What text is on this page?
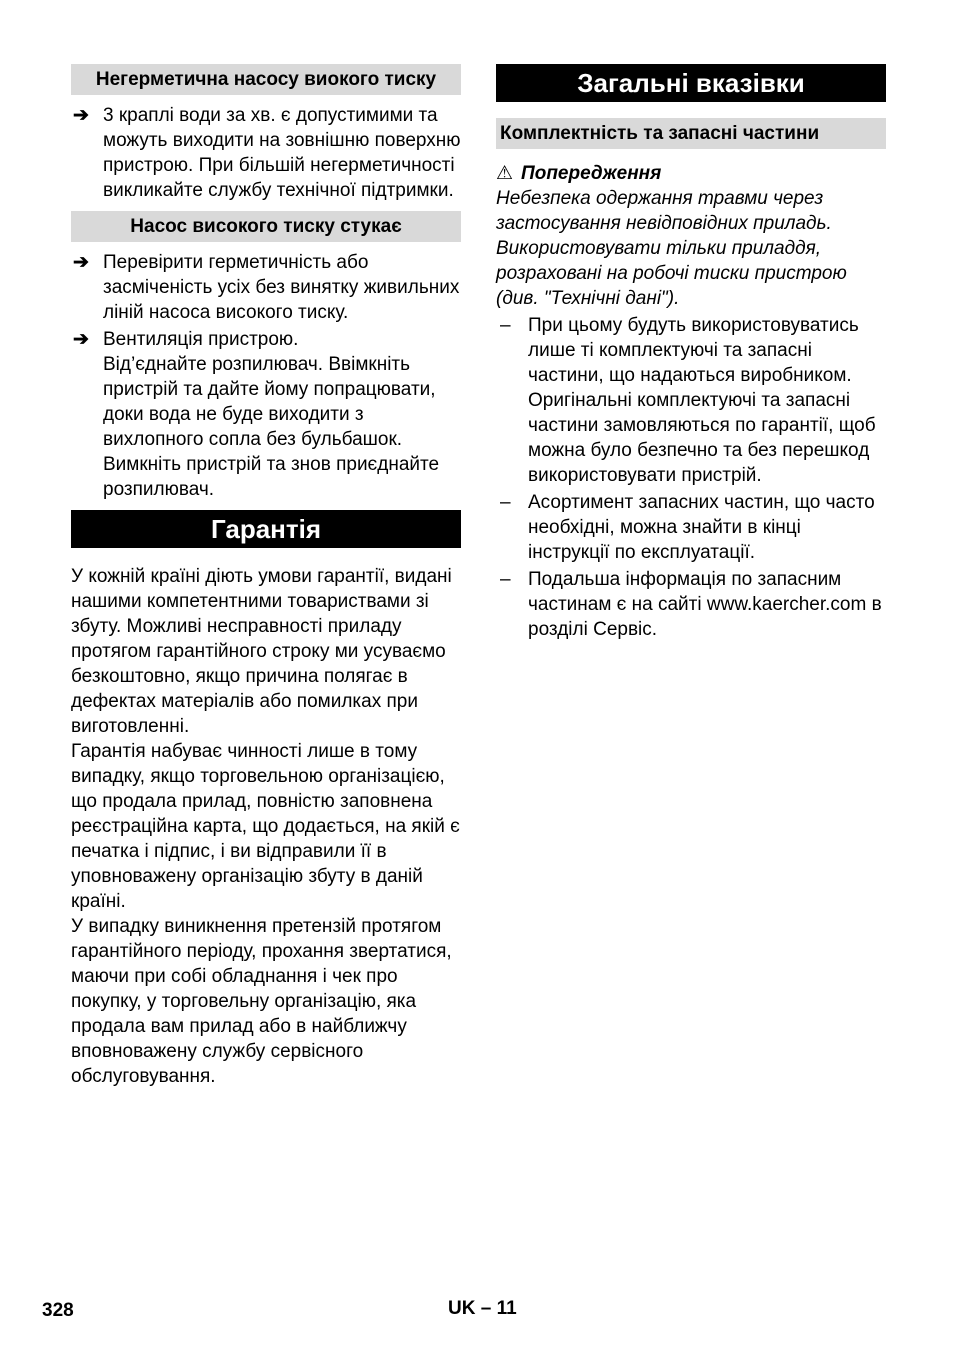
Негерметична насосу виокого тиску

➔ 3 краплі води за хв. є допустимими та можуть виходити на зовнішню поверхню пристрою. При більшій негерметичності викликайте службу технічної підтримки.

Насос високого тиску стукає

➔ Перевірити герметичність або засміченість усіх без винятку живильних ліній насоса високого тиску.

➔ Вентиляція пристрою.

Від’єднайте розпилювач. Ввімкніть пристрій та дайте йому попрацювати, доки вода не буде виходити з вихлопного сопла без бульбашок. Вимкніть пристрій та знов приєднайте розпилювач.

Гарантія

У кожній країні діють умови гарантії, видані нашими компетентними товариствами зі збуту. Можливі несправності приладу протягом гарантійного строку ми усуваємо безкоштовно, якщо причина полягає в дефектах матеріалів або помилках при виготовленні.

Гарантія набуває чинності лише в тому випадку, якщо торговельною організацією, що продала прилад, повністю заповнена реєстраційна карта, що додається, на якій є печатка і підпис, і ви відправили її в уповноважену організацію збуту в даній країні.

У випадку виникнення претензій протягом гарантійного періоду, прохання звертатися, маючи при собі обладнання і чек про покупку, у торговельну організацію, яка продала вам прилад або в найближчу вповноважену службу сервісного обслуговування.

Загальні вказівки
Комплектність та запасні частини

⚠ Попередження

Небезпека одержання травми через застосування невідповідних приладь. Використовувати тільки приладдя, розраховані на робочі тиски пристрою (див. "Технічні дані").

– При цьому будуть використовуватись лише ті комплектуючі та запасні частини, що надаються виробником. Оригінальні комплектуючі та запасні частини замовляються по гарантії, щоб можна було безпечно та без перешкод використовувати пристрій.

– Асортимент запасних частин, що часто необхідні, можна знайти в кінці інструкції по експлуатації.

– Подальша інформація по запасним частинам є на сайті www.kaercher.com в розділі Сервіс.

328	UK – 11
